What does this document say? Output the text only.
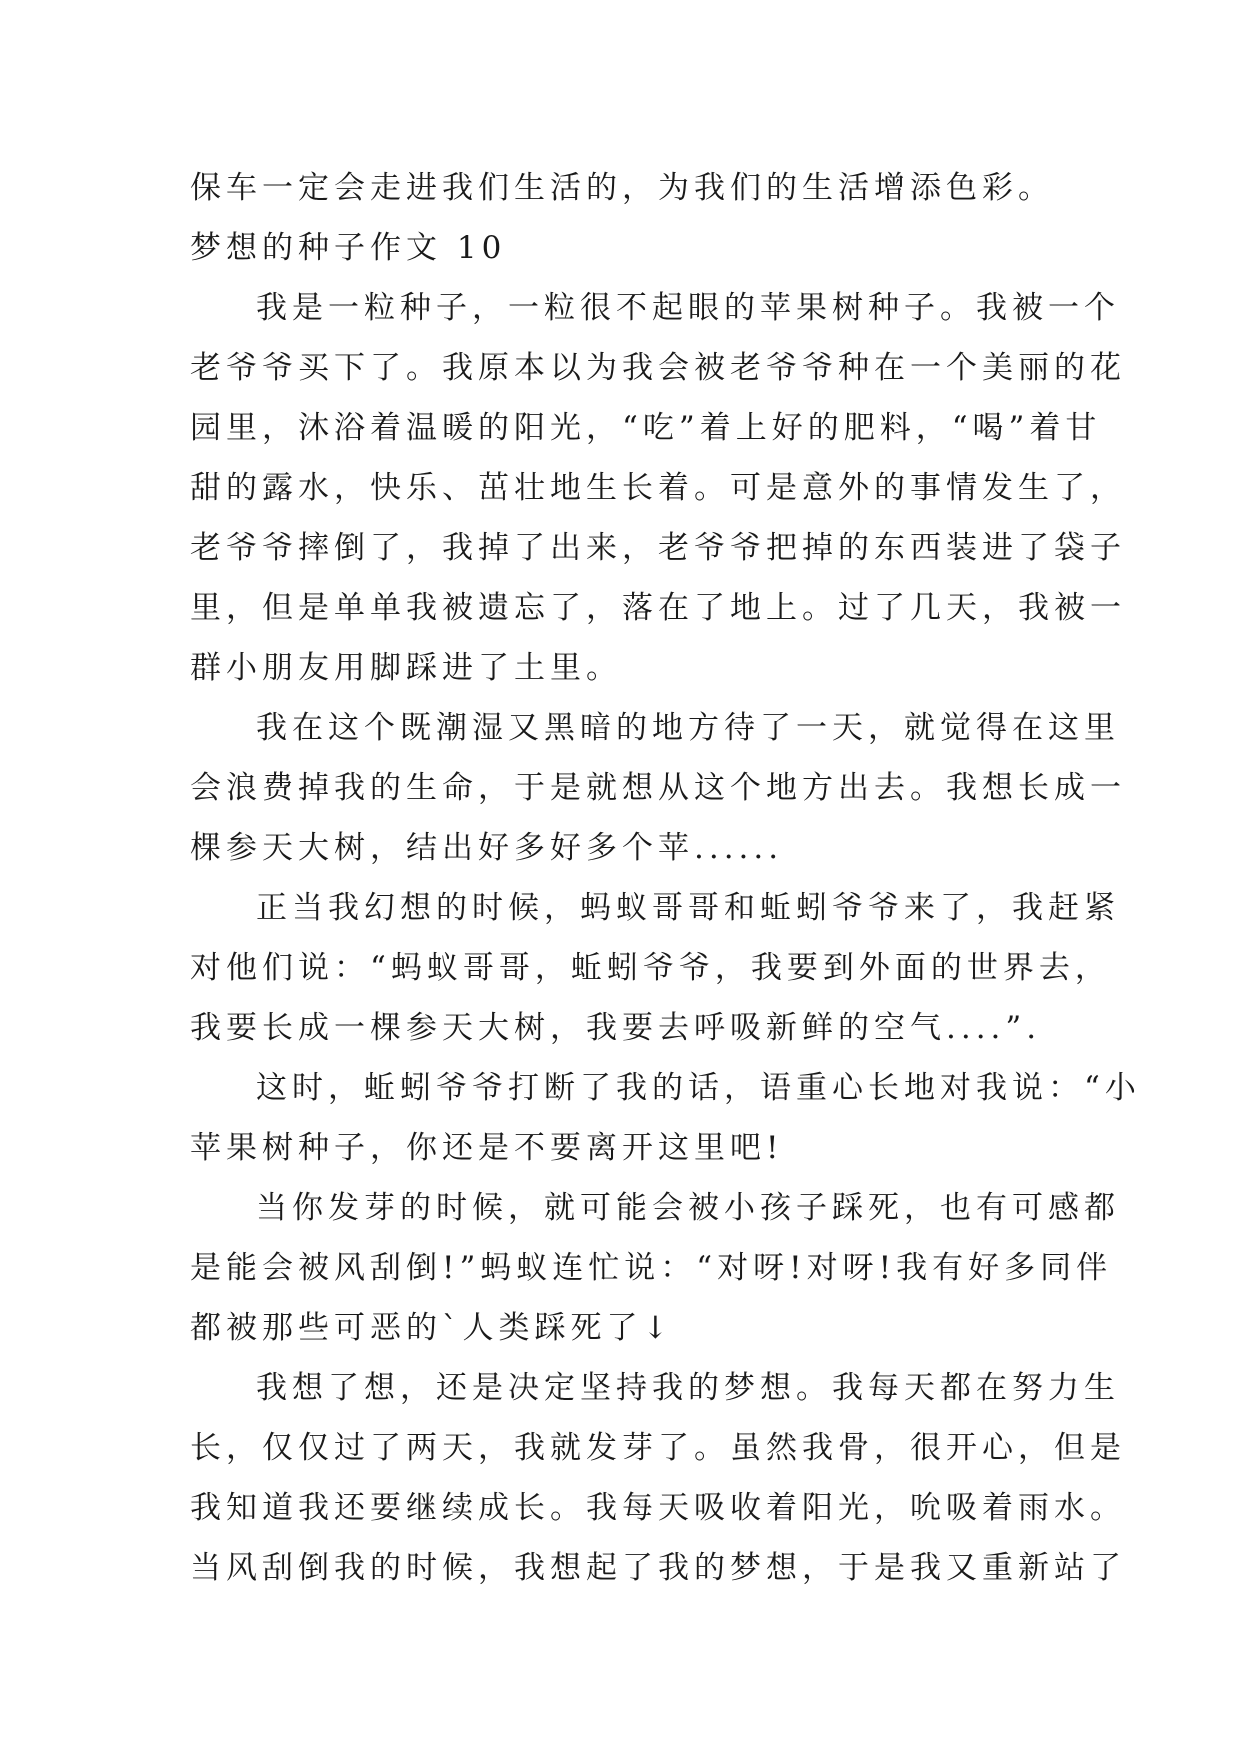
保车一定会走进我们生活的，为我们的生活增添色彩。
梦想的种子作文 10
我是一粒种子，一粒很不起眼的苹果树种子。我被一个
老爷爷买下了。我原本以为我会被老爷爷种在一个美丽的花
园里，沐浴着温暖的阳光，“吃”着上好的肥料，“喝”着甘
甜的露水，快乐、茁壮地生长着。可是意外的事情发生了，
老爷爷摔倒了，我掉了出来，老爷爷把掉的东西装进了袋子
里，但是单单我被遗忘了，落在了地上。过了几天，我被一
群小朋友用脚踩进了土里。
我在这个既潮湿又黑暗的地方待了一天，就觉得在这里
会浪费掉我的生命，于是就想从这个地方出去。我想长成一
棵参天大树，结出好多好多个苹......
正当我幻想的时候，蚂蚁哥哥和蚯蚓爷爷来了，我赶紧
对他们说：“蚂蚁哥哥，蚯蚓爷爷，我要到外面的世界去，
我要长成一棵参天大树，我要去呼吸新鲜的空气....”.
这时，蚯蚓爷爷打断了我的话，语重心长地对我说：“小
苹果树种子，你还是不要离开这里吧!
当你发芽的时候，就可能会被小孩子踩死，也有可感都
是能会被风刮倒!”蚂蚁连忙说：“对呀!对呀!我有好多同伴
都被那些可恶的`人类踩死了↓
我想了想，还是决定坚持我的梦想。我每天都在努力生
长，仅仅过了两天，我就发芽了。虽然我骨，很开心，但是
我知道我还要继续成长。我每天吸收着阳光，吮吸着雨水。
当风刮倒我的时候，我想起了我的梦想，于是我又重新站了
